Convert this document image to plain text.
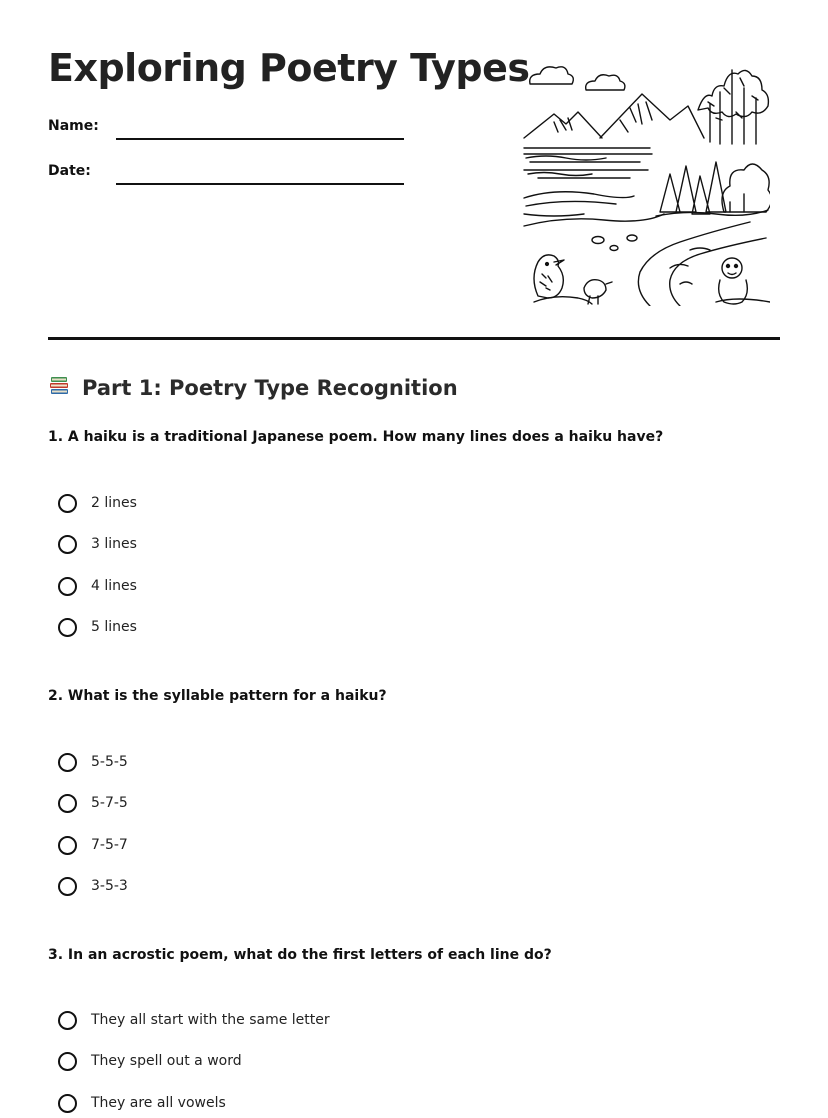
Exploring Poetry Types
Name:
Date:
Part 1: Poetry Type Recognition

1. A haiku is a traditional Japanese poem. How many lines does a haiku have?

2 lines
3 lines
4 lines
5 lines

2. What is the syllable pattern for a haiku?

5-5-5
5-7-5
7-5-7
3-5-3

3. In an acrostic poem, what do the first letters of each line do?

They all start with the same letter
They spell out a word
They are all vowels
